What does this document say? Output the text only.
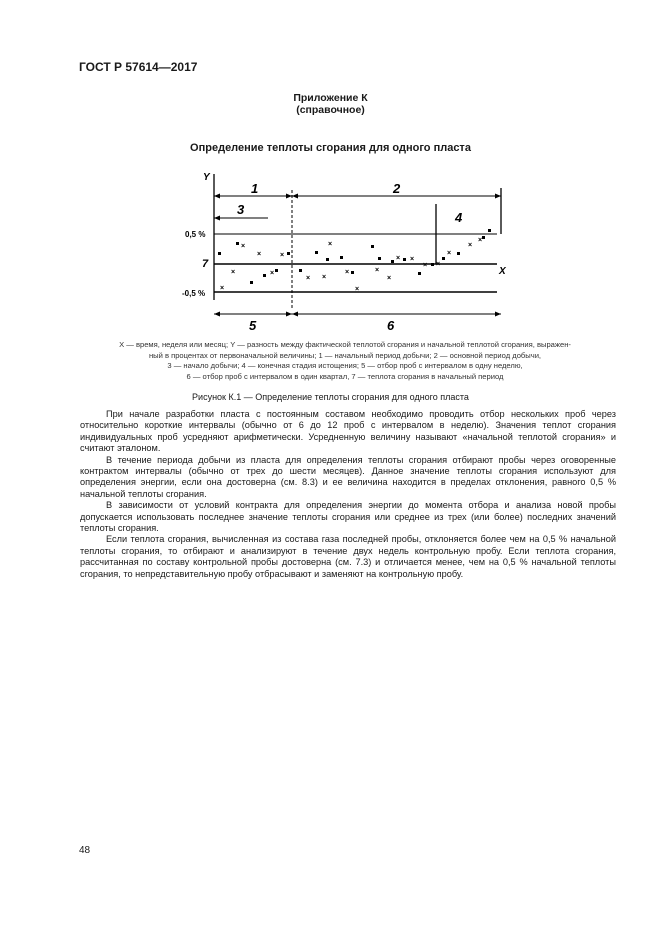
ГОСТ Р 57614—2017
Приложение К
(справочное)
Определение теплоты сгорания для одного пласта
Y
X
0,5 %
7
-0,5 %
1	2
3
4
5	6
×
×
×
×
×
×
× ×
×
×
×
×
×
× ×
× ×
×
×
×
X — время, неделя или месяц; Y — разность между фактической теплотой сгорания и начальной теплотой сгорания, выражен-
ный в процентах от первоначальной величины; 1 — начальный период добычи; 2 — основной период добычи,
3 — начало добычи; 4 — конечная стадия истощения; 5 — отбор проб с интервалом в одну неделю,
6 — отбор проб с интервалом в один квартал, 7 — теплота сгорания в начальный период
Рисунок К.1 — Определение теплоты сгорания для одного пласта

При начале разработки пласта с постоянным составом необходимо проводить отбор нескольких проб через относительно короткие интервалы (обычно от 6 до 12 проб с интервалом в неделю). Значения теплот сгорания индивидуальных проб усредняют арифметически. Усредненную величину называют «начальной теплотой сгорания» и считают эталоном.

В течение периода добычи из пласта для определения теплоты сгорания отбирают пробы через оговоренные контрактом интервалы (обычно от трех до шести месяцев). Данное значение теплоты сгорания используют для определения энергии, если она достоверна (см. 8.3) и ее величина находится в пределах отклонения, равного 0,5 % начальной теплоты сгорания.

В зависимости от условий контракта для определения энергии до момента отбора и анализа новой пробы допускается использовать последнее значение теплоты сгорания или среднее из трех (или более) последних значений теплоты сгорания.

Если теплота сгорания, вычисленная из состава газа последней пробы, отклоняется более чем на 0,5 % начальной теплоты сгорания, то отбирают и анализируют в течение двух недель контрольную пробу. Если теплота сгорания, рассчитанная по составу контрольной пробы достоверна (см. 7.3) и отличается менее, чем на 0,5 % начальной теплоты сгорания, то непредставительную пробу отбрасывают и заменяют на контрольную пробу.

48
